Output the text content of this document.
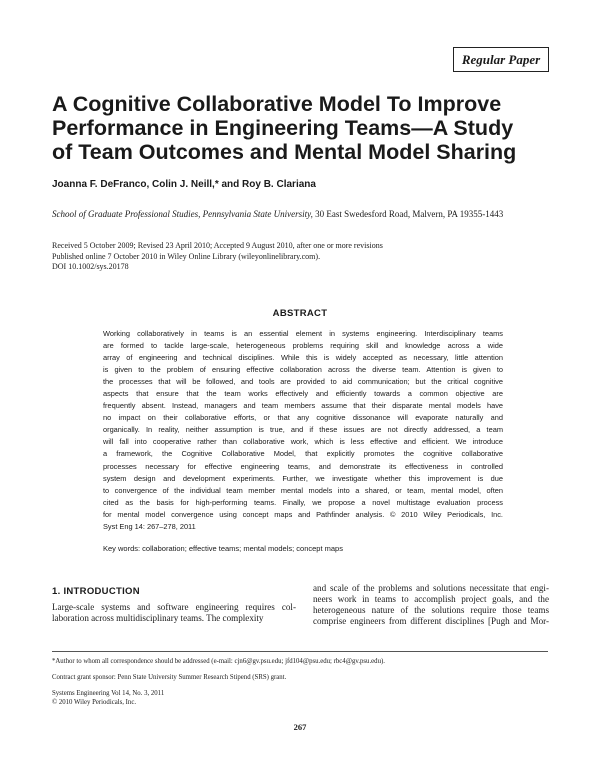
Regular Paper
A Cognitive Collaborative Model To Improve
Performance in Engineering Teams—A Study
of Team Outcomes and Mental Model Sharing
Joanna F. DeFranco, Colin J. Neill,* and Roy B. Clariana
School of Graduate Professional Studies, Pennsylvania State University, 30 East Swedesford Road, Malvern, PA 19355-1443
Received 5 October 2009; Revised 23 April 2010; Accepted 9 August 2010, after one or more revisions
Published online 7 October 2010 in Wiley Online Library (wileyonlinelibrary.com).
DOI 10.1002/sys.20178
ABSTRACT
Working collaboratively in teams is an essential element in systems engineering. Interdisciplinary teams
are formed to tackle large-scale, heterogeneous problems requiring skill and knowledge across a wide
array of engineering and technical disciplines. While this is widely accepted as necessary, little attention
is given to the problem of ensuring effective collaboration across the diverse team. Attention is given to
the processes that will be followed, and tools are provided to aid communication; but the critical cognitive
aspects that ensure that the team works effectively and efficiently towards a common objective are
frequently absent. Instead, managers and team members assume that their disparate mental models have
no impact on their collaborative efforts, or that any cognitive dissonance will evaporate naturally and
organically. In reality, neither assumption is true, and if these issues are not directly addressed, a team
will fall into cooperative rather than collaborative work, which is less effective and efficient. We introduce
a framework, the Cognitive Collaborative Model, that explicitly promotes the cognitive collaborative
processes necessary for effective engineering teams, and demonstrate its effectiveness in controlled
system design and development experiments. Further, we investigate whether this improvement is due
to convergence of the individual team member mental models into a shared, or team, mental model, often
cited as the basis for high-performing teams. Finally, we propose a novel multistage evaluation process
for mental model convergence using concept maps and Pathfinder analysis. © 2010 Wiley Periodicals, Inc.
Syst Eng 14: 267–278, 2011
Key words: collaboration; effective teams; mental models; concept maps
1. INTRODUCTION
Large-scale systems and software engineering requires col-
laboration across multidisciplinary teams. The complexity
and scale of the problems and solutions necessitate that engi-
neers work in teams to accomplish project goals, and the
heterogeneous nature of the solutions require those teams
comprise engineers from different disciplines [Pugh and Mor-
*Author to whom all correspondence should be addressed (e-mail: cjn6@gv.psu.edu; jfd104@psu.edu; rbc4@gv.psu.edu).
Contract grant sponsor: Penn State University Summer Research Stipend (SRS) grant.
Systems Engineering Vol 14, No. 3, 2011
© 2010 Wiley Periodicals, Inc.
267
